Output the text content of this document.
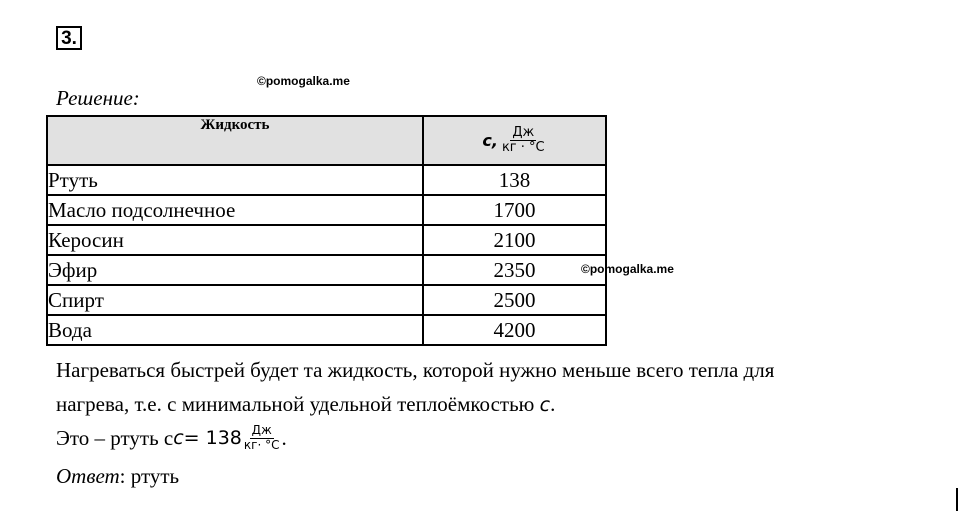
3.
©pomogalka.me
Решение:
Жидкость	c, $\frac{Дж}{кг \cdot ^\circ C}$

Ртуть	138
Масло подсолнечное	1700
Керосин	2100
Эфир	2350
Спирт	2500
Вода	4200
©pomogalka.me
Нагреваться быстрей будет та жидкость, которой нужно меньше всего тепла для
нагрева, т.е. с минимальной удельной теплоёмкостью c.
Это – ртуть с $c = 138 \frac{Дж}{кг\cdot ^\circ С}$ .
Ответ: ртуть
